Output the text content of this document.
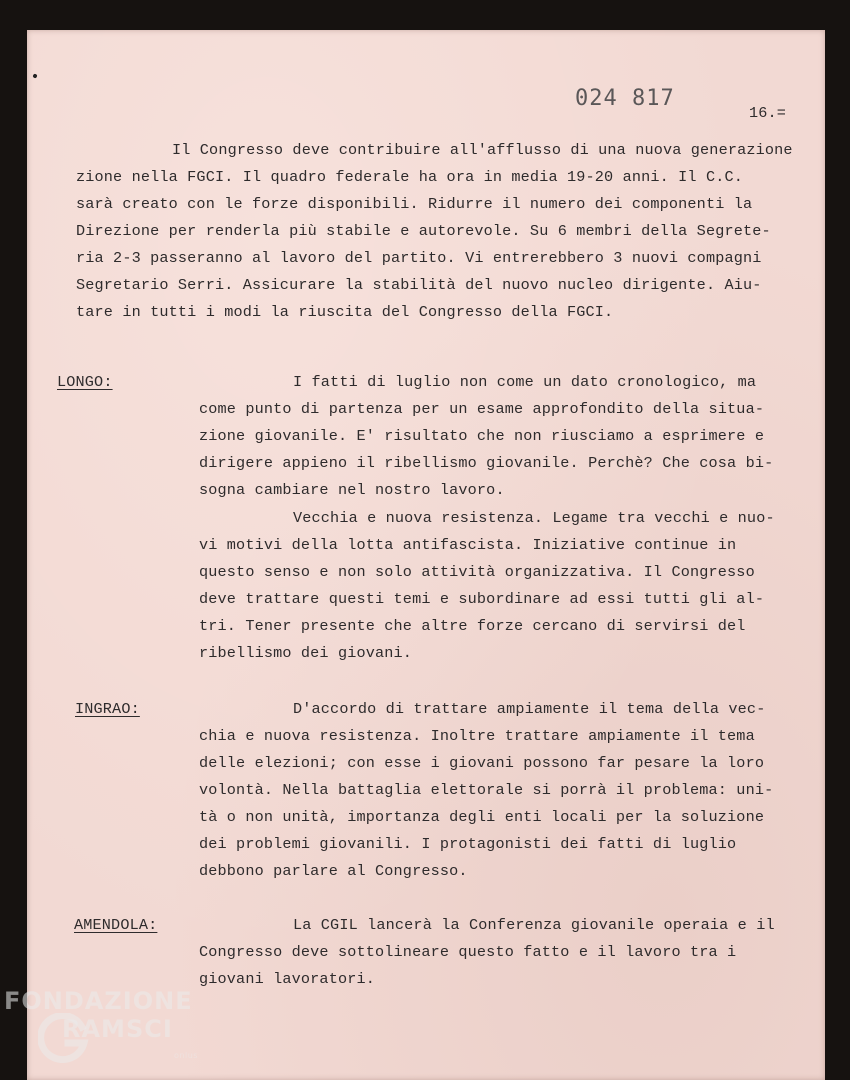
024 817
16.=
Il Congresso deve contribuire all'afflusso di una nuova generazione
zione nella FGCI. Il quadro federale ha ora in media 19-20 anni. Il C.C.
sarà creato con le forze disponibili. Ridurre il numero dei componenti la
Direzione per renderla più stabile e autorevole. Su 6 membri della Segrete-
ria 2-3 passeranno al lavoro del partito. Vi entrerebbero 3 nuovi compagni
Segretario Serri. Assicurare la stabilità del nuovo nucleo dirigente. Aiu-
tare in tutti i modi la riuscita del Congresso della FGCI.
LONGO:	I fatti di luglio non come un dato cronologico, ma
come punto di partenza per un esame approfondito della situa-
zione giovanile. E' risultato che non riusciamo a esprimere e
dirigere appieno il ribellismo giovanile. Perchè? Che cosa bi-
sogna cambiare nel nostro lavoro.
Vecchia e nuova resistenza. Legame tra vecchi e nuo-
vi motivi della lotta antifascista. Iniziative continue in
questo senso e non solo attività organizzativa. Il Congresso
deve trattare questi temi e subordinare ad essi tutti gli al-
tri. Tener presente che altre forze cercano di servirsi del
ribellismo dei giovani.
INGRAO:	D'accordo di trattare ampiamente il tema della vec-
chia e nuova resistenza. Inoltre trattare ampiamente il tema
delle elezioni; con esse i giovani possono far pesare la loro
volontà. Nella battaglia elettorale si porrà il problema: uni-
tà o non unità, importanza degli enti locali per la soluzione
dei problemi giovanili. I protagonisti dei fatti di luglio
debbono parlare al Congresso.
AMENDOLA:	La CGIL lancerà la Conferenza giovanile operaia e il
Congresso deve sottolineare questo fatto e il lavoro tra i
giovani lavoratori.
FONDAZIONE
RAMSCI
onlus
